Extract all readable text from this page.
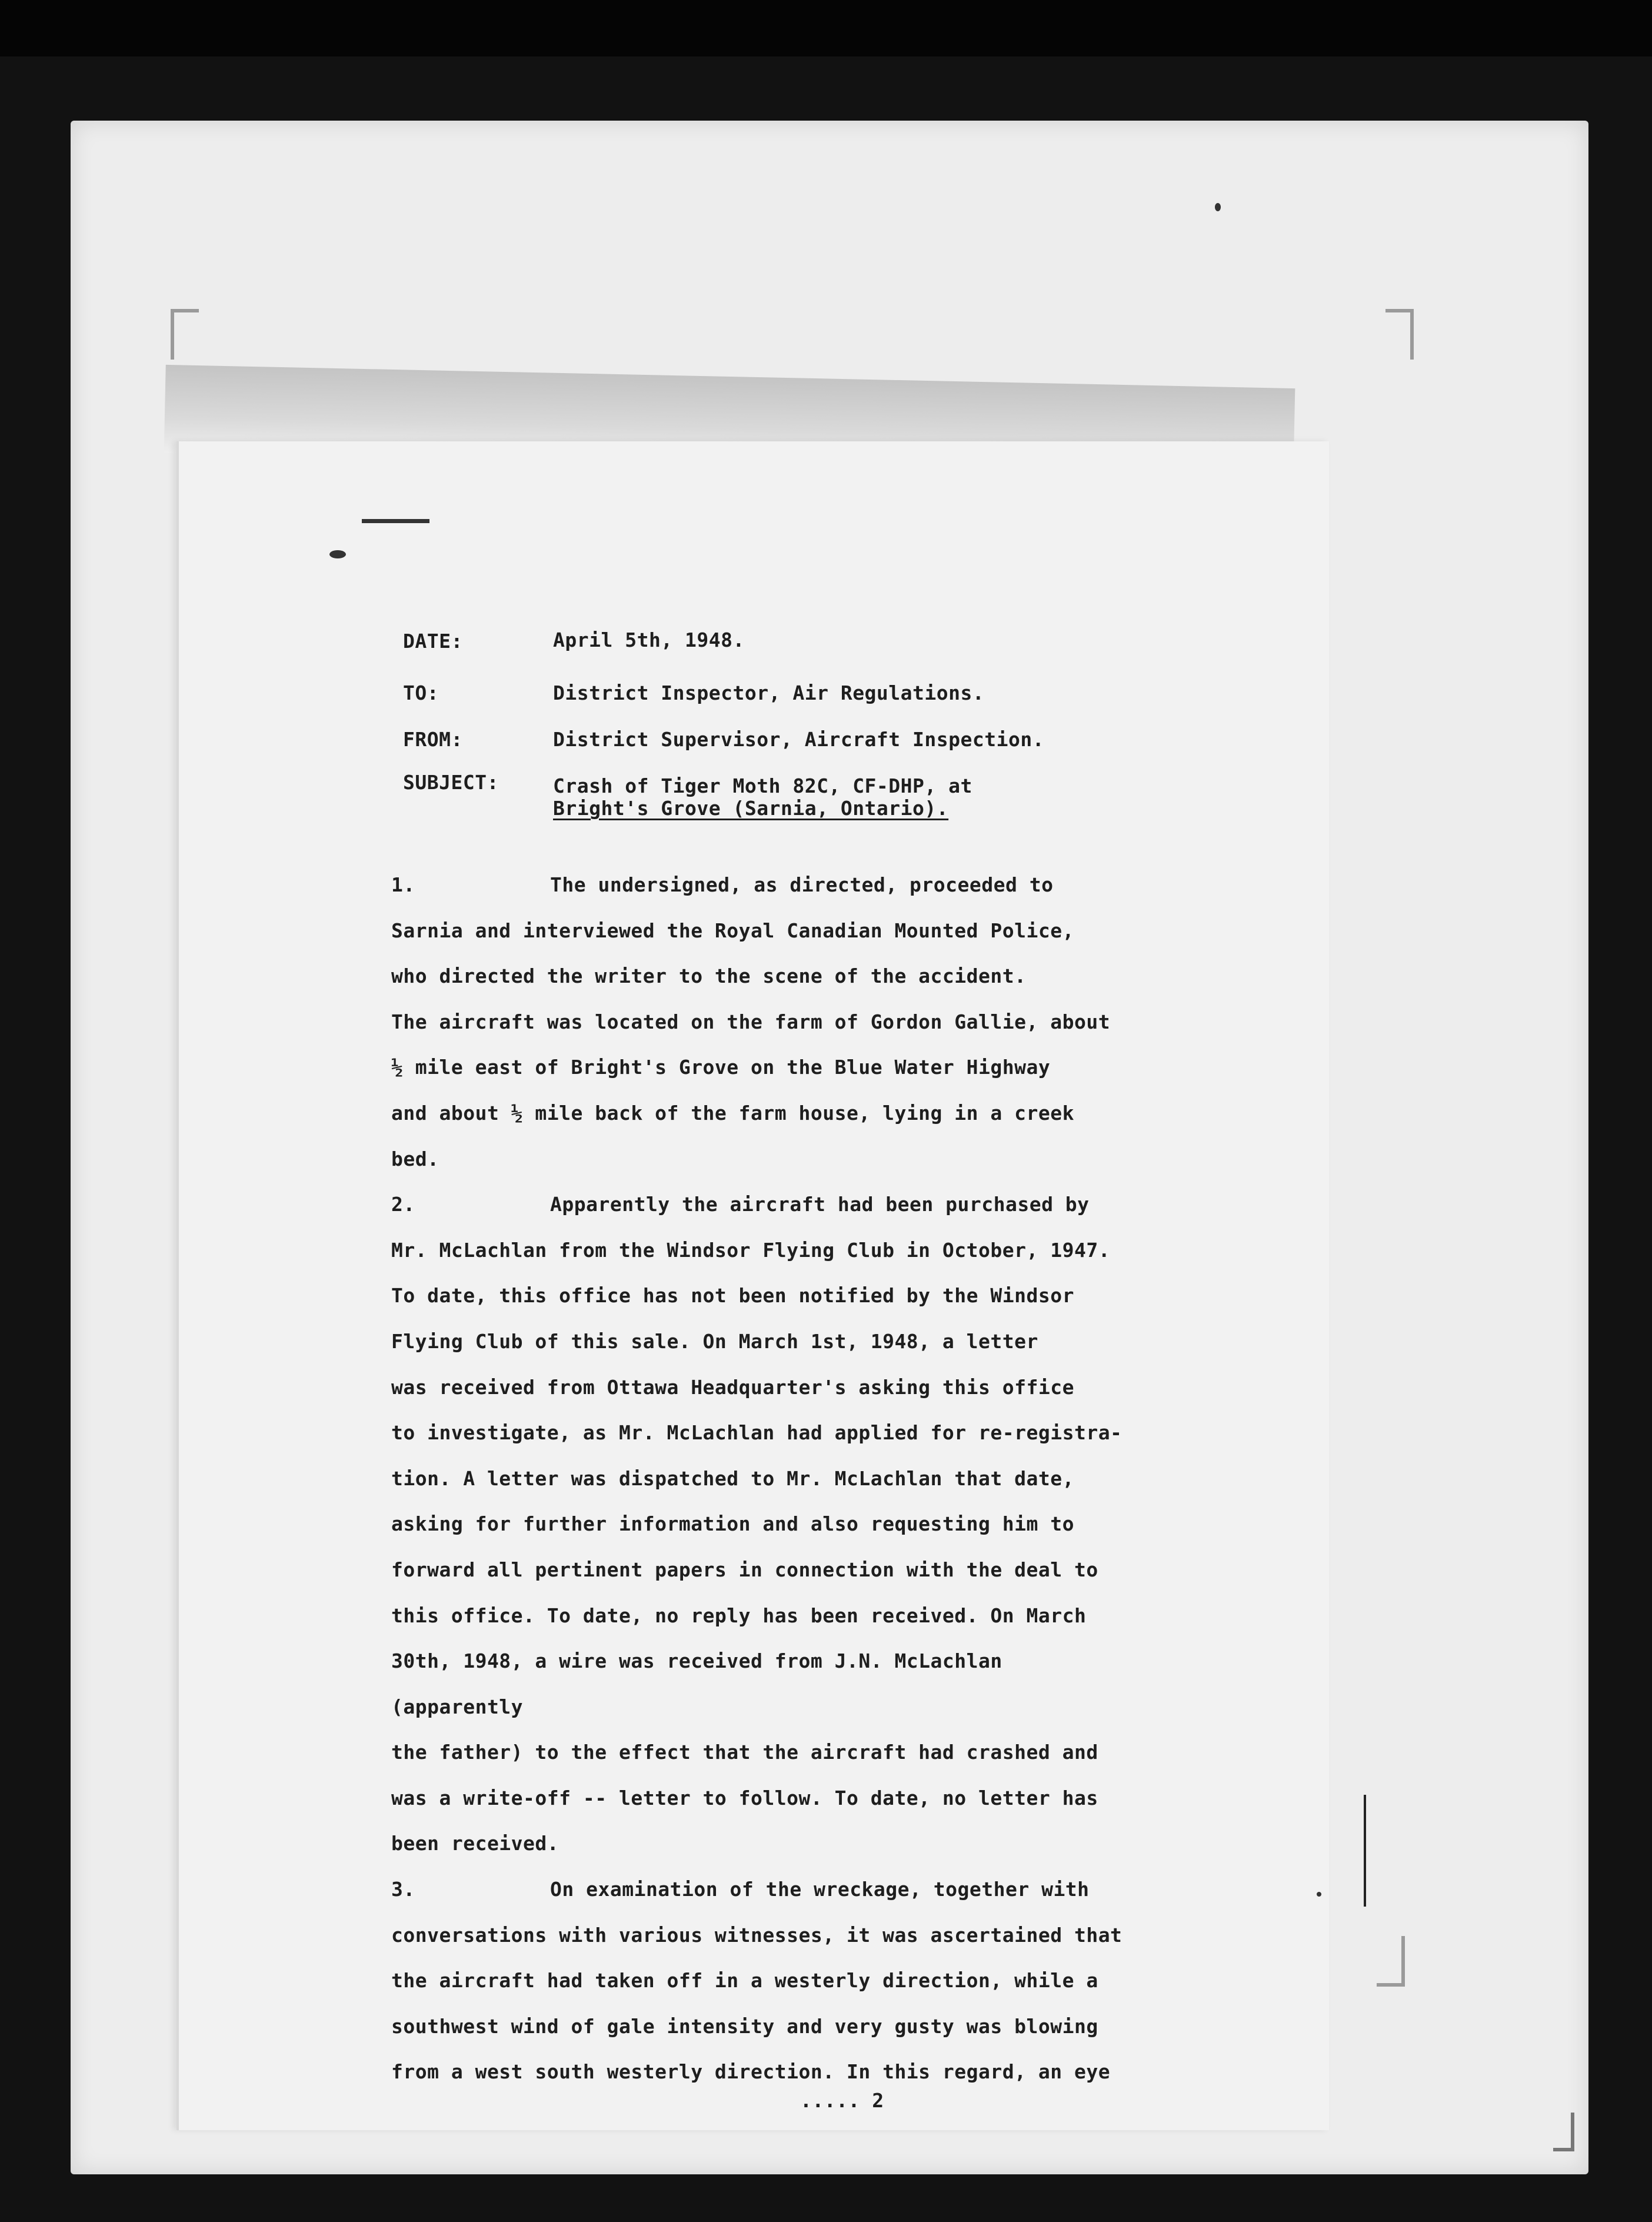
DATE:	April 5th, 1948.
TO:	District Inspector, Air Regulations.
FROM:	District Supervisor, Aircraft Inspection.
SUBJECT:	Crash of Tiger Moth 82C, CF-DHP, at
Bright's Grove (Sarnia, Ontario).
1.	The undersigned, as directed, proceeded to
Sarnia and interviewed the Royal Canadian Mounted Police,
who directed the writer to the scene of the accident.
The aircraft was located on the farm of Gordon Gallie, about
½ mile east of Bright's Grove on the Blue Water Highway
and about ½ mile back of the farm house, lying in a creek
bed.
2.	Apparently the aircraft had been purchased by
Mr. McLachlan from the Windsor Flying Club in October, 1947.
To date, this office has not been notified by the Windsor
Flying Club of this sale. On March 1st, 1948, a letter
was received from Ottawa Headquarter's asking this office
to investigate, as Mr. McLachlan had applied for re-registra-
tion. A letter was dispatched to Mr. McLachlan that date,
asking for further information and also requesting him to
forward all pertinent papers in connection with the deal to
this office. To date, no reply has been received. On March
30th, 1948, a wire was received from J.N. McLachlan (apparently
the father) to the effect that the aircraft had crashed and
was a write-off -- letter to follow. To date, no letter has
been received.
3.	On examination of the wreckage, together with
conversations with various witnesses, it was ascertained that
the aircraft had taken off in a westerly direction, while a
southwest wind of gale intensity and very gusty was blowing
from a west south westerly direction. In this regard, an eye
..... 2
